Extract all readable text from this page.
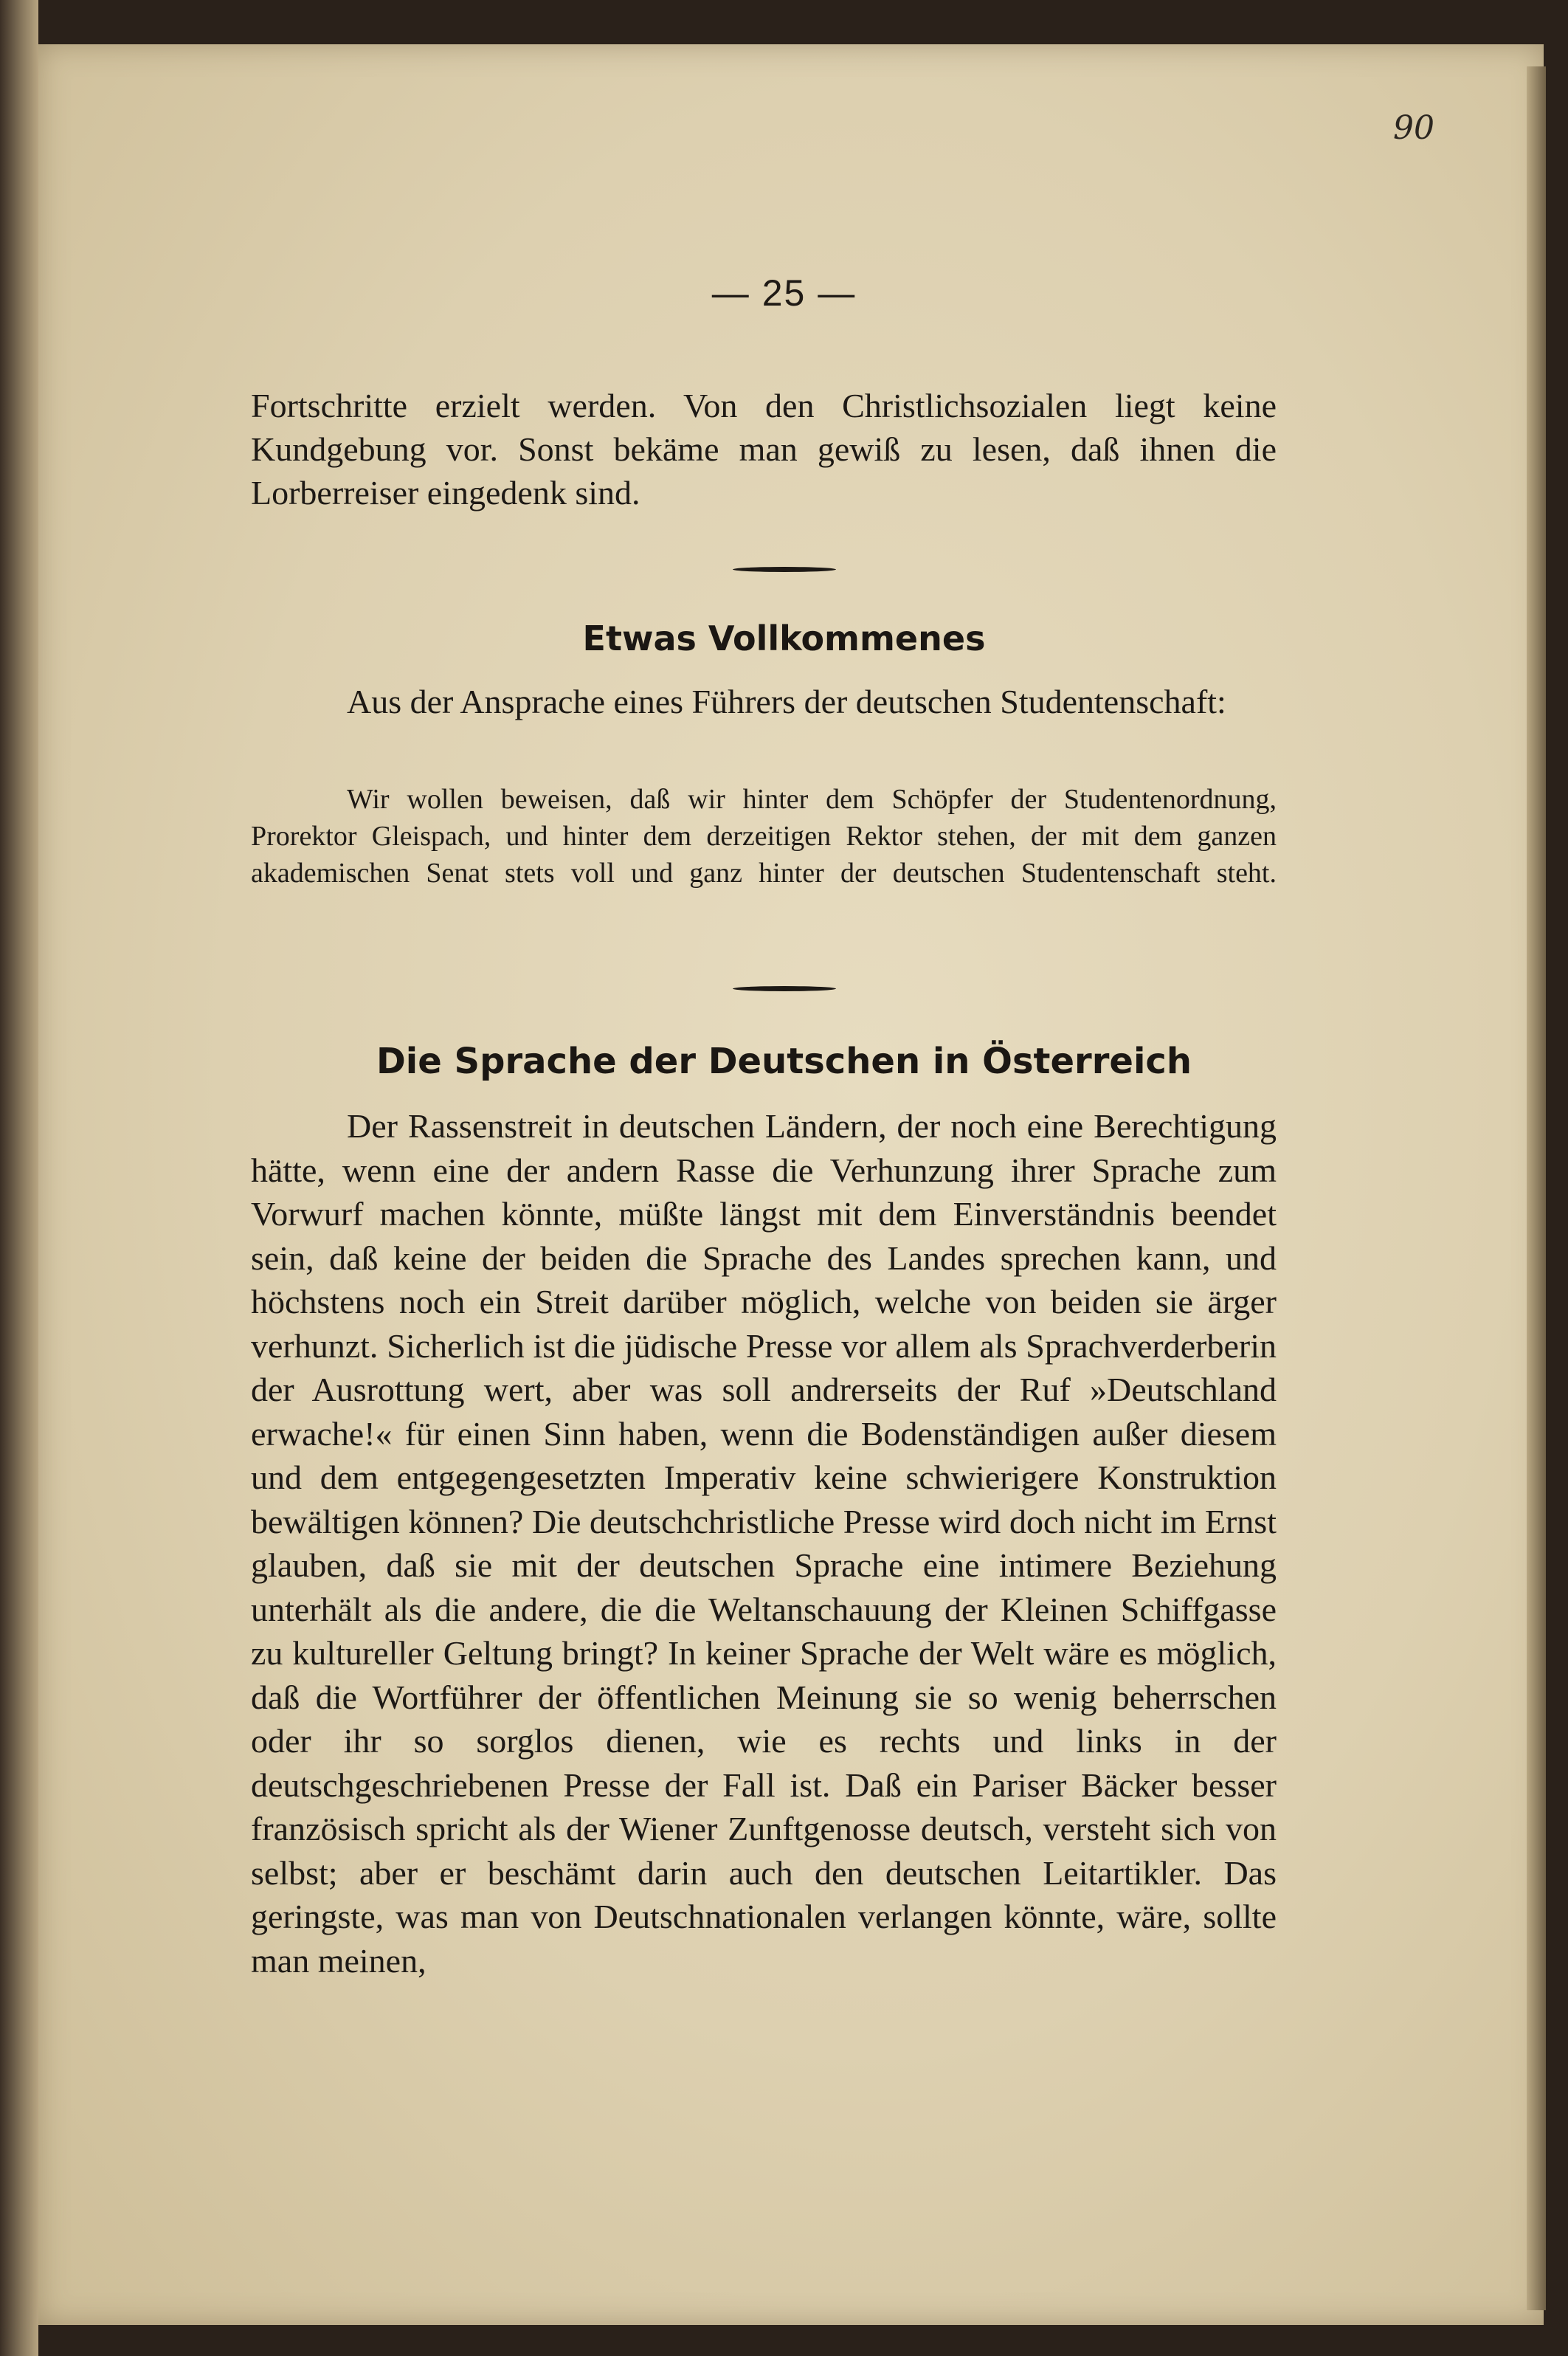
90
— 25 —

Fortschritte erzielt werden. Von den Christlichsozialen liegt keine Kundgebung vor. Sonst bekäme man gewiß zu lesen, daß ihnen die Lorberreiser eingedenk sind.

Etwas Vollkommenes

Aus der Ansprache eines Führers der deutschen Studentenschaft:

Wir wollen beweisen, daß wir hinter dem Schöpfer der Studentenordnung, Prorektor Gleispach, und hinter dem derzeitigen Rektor stehen, der mit dem ganzen akademischen Senat stets voll und ganz hinter der deutschen Studentenschaft steht.

Die Sprache der Deutschen in Österreich

Der Rassenstreit in deutschen Ländern, der noch eine Berechtigung hätte, wenn eine der andern Rasse die Verhunzung ihrer Sprache zum Vorwurf machen könnte, müßte längst mit dem Einverständnis beendet sein, daß keine der beiden die Sprache des Landes sprechen kann, und höchstens noch ein Streit darüber möglich, welche von beiden sie ärger verhunzt. Sicherlich ist die jüdische Presse vor allem als Sprachverderberin der Ausrottung wert, aber was soll andrerseits der Ruf »Deutschland erwache!« für einen Sinn haben, wenn die Bodenständigen außer diesem und dem entgegengesetzten Imperativ keine schwierigere Konstruktion bewältigen können? Die deutschchristliche Presse wird doch nicht im Ernst glauben, daß sie mit der deutschen Sprache eine intimere Beziehung unterhält als die andere, die die Weltanschauung der Kleinen Schiffgasse zu kultureller Geltung bringt? In keiner Sprache der Welt wäre es möglich, daß die Wortführer der öffentlichen Meinung sie so wenig beherrschen oder ihr so sorglos dienen, wie es rechts und links in der deutschgeschriebenen Presse der Fall ist. Daß ein Pariser Bäcker besser französisch spricht als der Wiener Zunftgenosse deutsch, versteht sich von selbst; aber er beschämt darin auch den deutschen Leitartikler. Das geringste, was man von Deutschnationalen verlangen könnte, wäre, sollte man meinen,
